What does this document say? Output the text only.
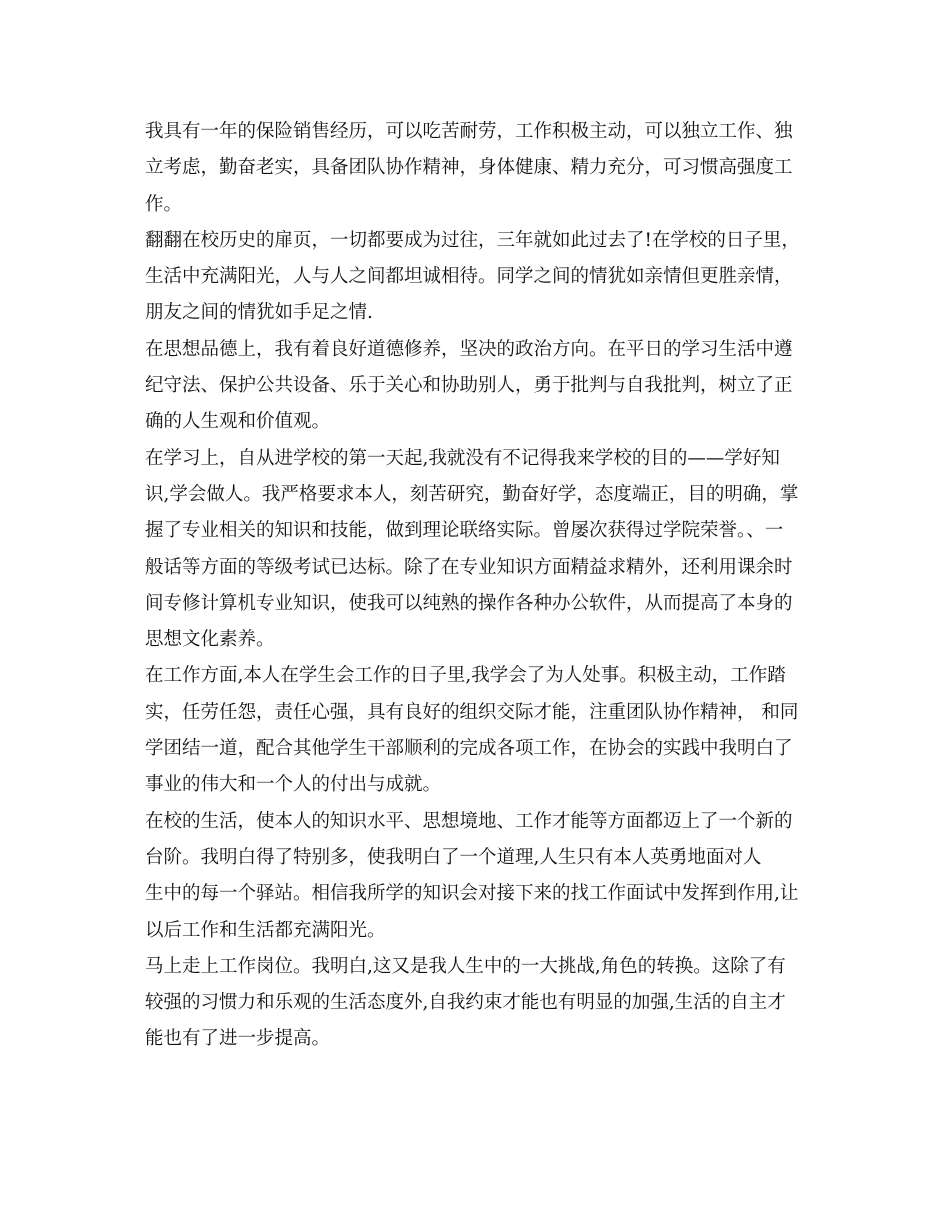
我具有一年的保险销售经历，可以吃苦耐劳，工作积极主动，可以独立工作、独
立考虑，勤奋老实，具备团队协作精神，身体健康、精力充分，可习惯高强度工
作。
翻翻在校历史的扉页，一切都要成为过往，三年就如此过去了!在学校的日子里，
生活中充满阳光，人与人之间都坦诚相待。同学之间的情犹如亲情但更胜亲情，
朋友之间的情犹如手足之情.
在思想品德上，我有着良好道德修养，坚决的政治方向。在平日的学习生活中遵
纪守法、保护公共设备、乐于关心和协助别人，勇于批判与自我批判，树立了正
确的人生观和价值观。
在学习上，自从进学校的第一天起,我就没有不记得我来学校的目的——学好知
识,学会做人。我严格要求本人，刻苦研究，勤奋好学，态度端正，目的明确，掌
握了专业相关的知识和技能，做到理论联络实际。曾屡次获得过学院荣誉。、一
般话等方面的等级考试已达标。除了在专业知识方面精益求精外，还利用课余时
间专修计算机专业知识，使我可以纯熟的操作各种办公软件，从而提高了本身的
思想文化素养。
在工作方面,本人在学生会工作的日子里,我学会了为人处事。积极主动，工作踏
实，任劳任怨，责任心强，具有良好的组织交际才能，注重团队协作精神， 和同
学团结一道，配合其他学生干部顺利的完成各项工作，在协会的实践中我明白了
事业的伟大和一个人的付出与成就。
在校的生活，使本人的知识水平、思想境地、工作才能等方面都迈上了一个新的
台阶。我明白得了特别多，使我明白了一个道理,人生只有本人英勇地面对人
生中的每一个驿站。相信我所学的知识会对接下来的找工作面试中发挥到作用,让
以后工作和生活都充满阳光。
马上走上工作岗位。我明白,这又是我人生中的一大挑战,角色的转换。这除了有
较强的习惯力和乐观的生活态度外,自我约束才能也有明显的加强,生活的自主才
能也有了进一步提高。
